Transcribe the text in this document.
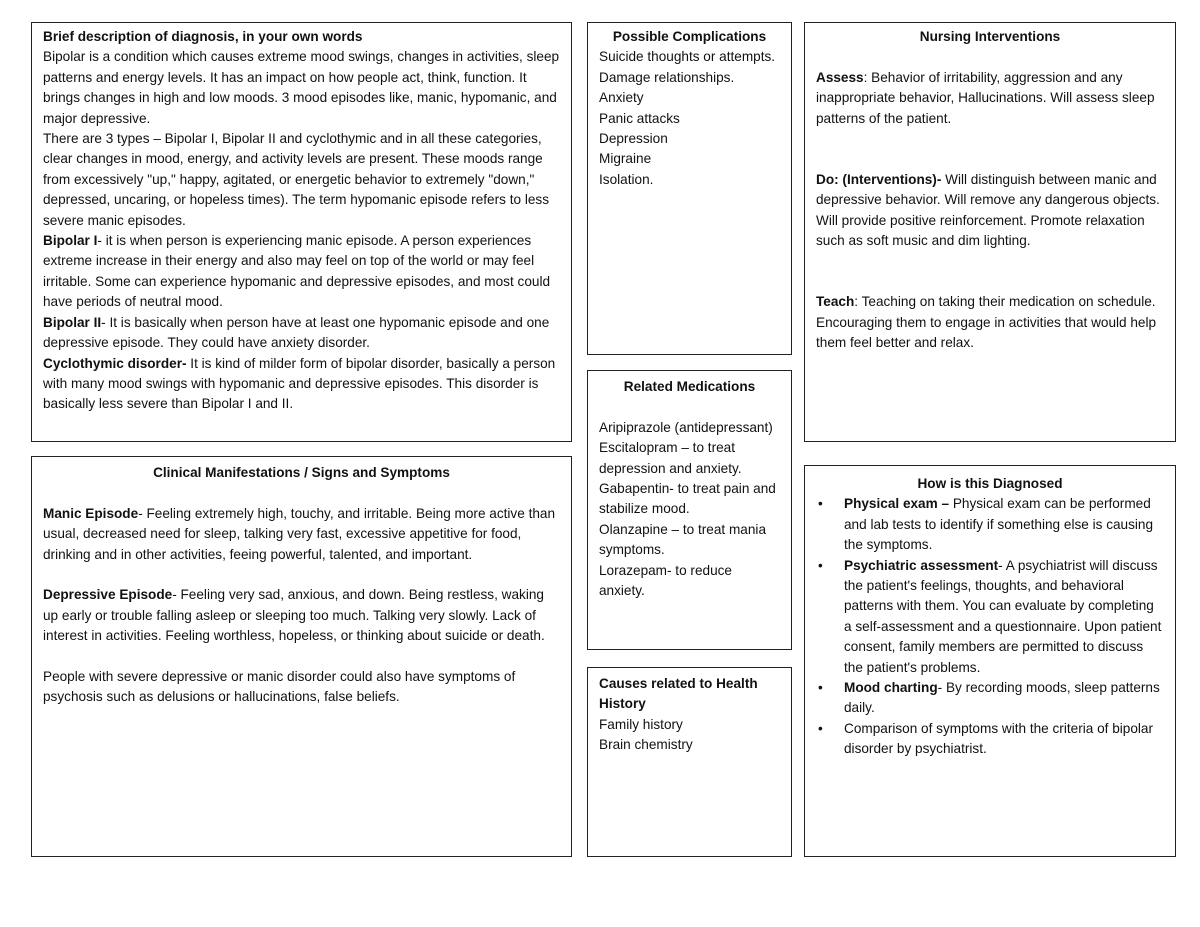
Brief description of diagnosis, in your own words

Bipolar is a condition which causes extreme mood swings, changes in activities, sleep patterns and energy levels. It has an impact on how people act, think, function. It brings changes in high and low moods. 3 mood episodes like, manic, hypomanic, and major depressive.

There are 3 types – Bipolar I, Bipolar II and cyclothymic and in all these categories, clear changes in mood, energy, and activity levels are present. These moods range from excessively "up," happy, agitated, or energetic behavior to extremely "down," depressed, uncaring, or hopeless times). The term hypomanic episode refers to less severe manic episodes.

Bipolar I- it is when person is experiencing manic episode. A person experiences extreme increase in their energy and also may feel on top of the world or may feel irritable. Some can experience hypomanic and depressive episodes, and most could have periods of neutral mood.

Bipolar II- It is basically when person have at least one hypomanic episode and one depressive episode. They could have anxiety disorder.

Cyclothymic disorder- It is kind of milder form of bipolar disorder, basically a person with many mood swings with hypomanic and depressive episodes. This disorder is basically less severe than Bipolar I and II.

Clinical Manifestations / Signs and Symptoms

Manic Episode- Feeling extremely high, touchy, and irritable. Being more active than usual, decreased need for sleep, talking very fast, excessive appetitive for food, drinking and in other activities, feeing powerful, talented, and important.

Depressive Episode- Feeling very sad, anxious, and down. Being restless, waking up early or trouble falling asleep or sleeping too much. Talking very slowly. Lack of interest in activities. Feeling worthless, hopeless, or thinking about suicide or death.

People with severe depressive or manic disorder could also have symptoms of psychosis such as delusions or hallucinations, false beliefs.

Possible Complications

Suicide thoughts or attempts.

Damage relationships.

Anxiety

Panic attacks

Depression

Migraine

Isolation.

Related Medications

Aripiprazole (antidepressant)

Escitalopram – to treat depression and anxiety.

Gabapentin- to treat pain and stabilize mood.

Olanzapine – to treat mania symptoms.

Lorazepam- to reduce anxiety.

Causes related to Health History

Family history

Brain chemistry

Nursing Interventions

Assess: Behavior of irritability, aggression and any inappropriate behavior, Hallucinations. Will assess sleep patterns of the patient.

Do: (Interventions)- Will distinguish between manic and depressive behavior. Will remove any dangerous objects. Will provide positive reinforcement. Promote relaxation such as soft music and dim lighting.

Teach: Teaching on taking their medication on schedule.

Encouraging them to engage in activities that would help them feel better and relax.

How is this Diagnosed

• Physical exam – Physical exam can be performed and lab tests to identify if something else is causing the symptoms.
• Psychiatric assessment- A psychiatrist will discuss the patient's feelings, thoughts, and behavioral patterns with them. You can evaluate by completing a self-assessment and a questionnaire. Upon patient consent, family members are permitted to discuss the patient's problems.
• Mood charting- By recording moods, sleep patterns daily.
• Comparison of symptoms with the criteria of bipolar disorder by psychiatrist.
